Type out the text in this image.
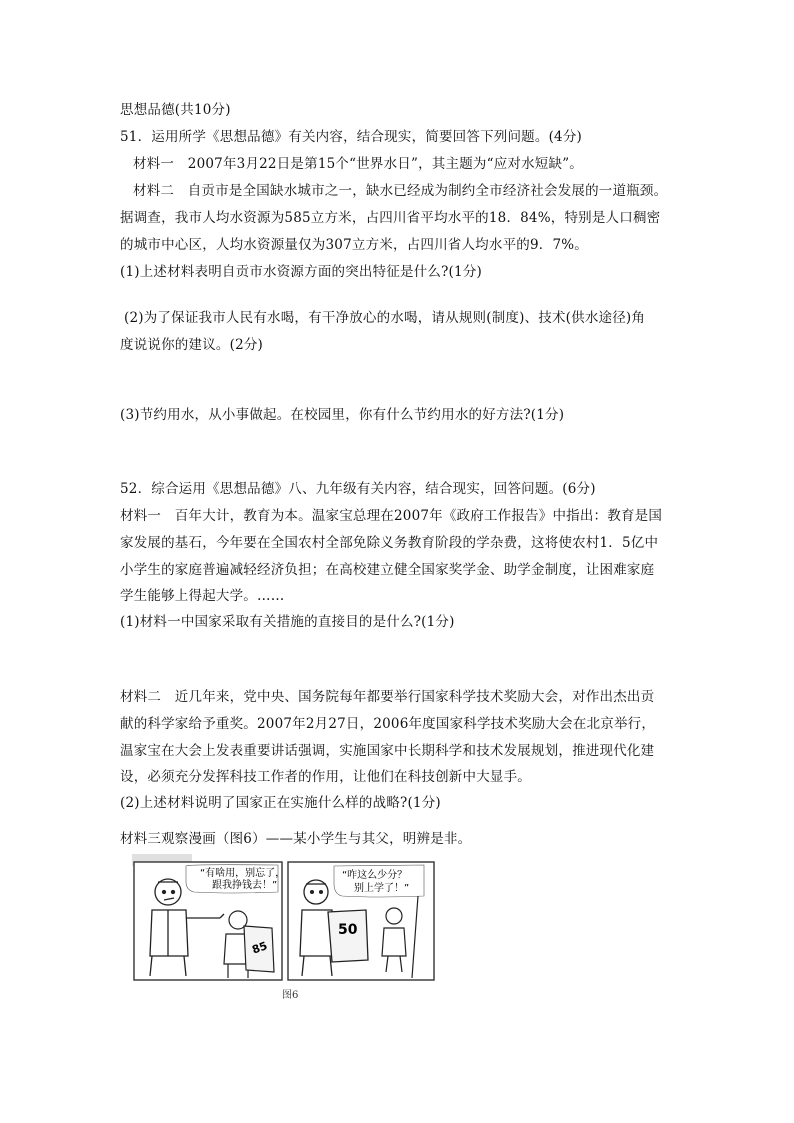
思想品德(共10分)
51．运用所学《思想品德》有关内容，结合现实，简要回答下列问题。(4分)
材料一　2007年3月22日是第15个“世界水日”，其主题为“应对水短缺”。
材料二　自贡市是全国缺水城市之一，缺水已经成为制约全市经济社会发展的一道瓶颈。
据调查，我市人均水资源为585立方米，占四川省平均水平的18．84%，特别是人口稠密
的城市中心区，人均水资源量仅为307立方米，占四川省人均水平的9．7%。
(1)上述材料表明自贡市水资源方面的突出特征是什么?(1分)
(2)为了保证我市人民有水喝，有干净放心的水喝，请从规则(制度)、技术(供水途径)角
度说说你的建议。(2分)
(3)节约用水，从小事做起。在校园里，你有什么节约用水的好方法?(1分)
52．综合运用《思想品德》八、九年级有关内容，结合现实，回答问题。(6分)
材料一　百年大计，教育为本。温家宝总理在2007年《政府工作报告》中指出：教育是国
家发展的基石，今年要在全国农村全部免除义务教育阶段的学杂费，这将使农村1．5亿中
小学生的家庭普遍减轻经济负担；在高校建立健全国家奖学金、助学金制度，让困难家庭
学生能够上得起大学。……
(1)材料一中国家采取有关措施的直接目的是什么?(1分)
材料二　近几年来，党中央、国务院每年都要举行国家科学技术奖励大会，对作出杰出贡
献的科学家给予重奖。2007年2月27日，2006年度国家科学技术奖励大会在北京举行，
温家宝在大会上发表重要讲话强调，实施国家中长期科学和技术发展规划，推进现代化建
设，必须充分发挥科技工作者的作用，让他们在科技创新中大显手。
(2)上述材料说明了国家正在实施什么样的战略?(1分)
材料三观察漫画（图6）——某小学生与其父，明辨是非。
“有啥用，别忘了，
跟我挣钱去！”
85
“咋这么少分？
别上学了！”
50
图6
